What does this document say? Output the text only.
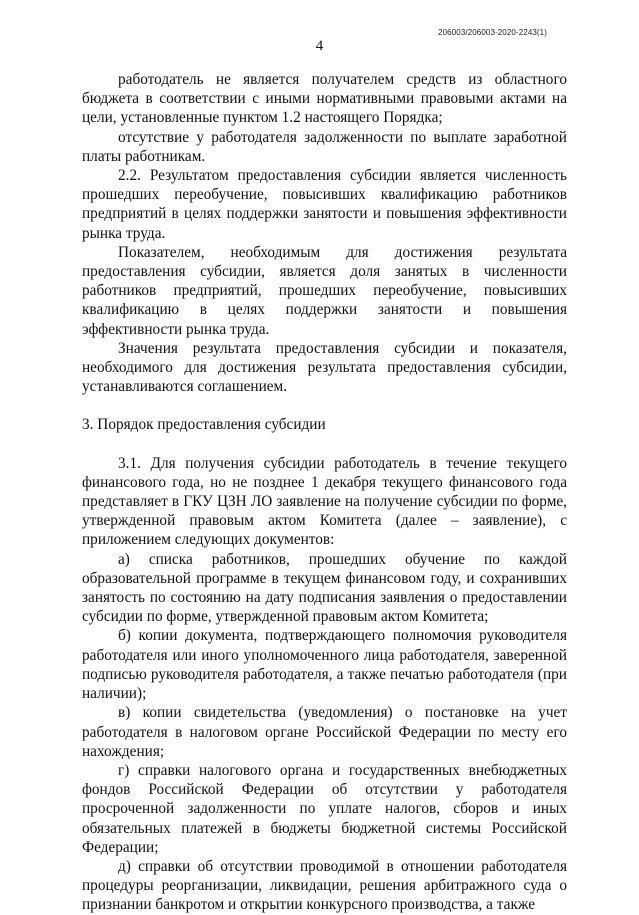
206003/206003-2020-2243(1)
4

работодатель не является получателем средств из областного бюджета в соответствии с иными нормативными правовыми актами на цели, установленные пунктом 1.2 настоящего Порядка;

отсутствие у работодателя задолженности по выплате заработной платы работникам.

2.2. Результатом предоставления субсидии является численность прошедших переобучение, повысивших квалификацию работников предприятий в целях поддержки занятости и повышения эффективности рынка труда.

Показателем, необходимым для достижения результата предоставления субсидии, является доля занятых в численности работников предприятий, прошедших переобучение, повысивших квалификацию в целях поддержки занятости и повышения эффективности рынка труда.

Значения результата предоставления субсидии и показателя, необходимого для достижения результата предоставления субсидии, устанавливаются соглашением.

3. Порядок предоставления субсидии

3.1. Для получения субсидии работодатель в течение текущего финансового года, но не позднее 1 декабря текущего финансового года представляет в ГКУ ЦЗН ЛО заявление на получение субсидии по форме, утвержденной правовым актом Комитета (далее – заявление), с приложением следующих документов:

а) списка работников, прошедших обучение по каждой образовательной программе в текущем финансовом году, и сохранивших занятость по состоянию на дату подписания заявления о предоставлении субсидии по форме, утвержденной правовым актом Комитета;

б) копии документа, подтверждающего полномочия руководителя работодателя или иного уполномоченного лица работодателя, заверенной подписью руководителя работодателя, а также печатью работодателя (при наличии);

в) копии свидетельства (уведомления) о постановке на учет работодателя в налоговом органе Российской Федерации по месту его нахождения;

г) справки налогового органа и государственных внебюджетных фондов Российской Федерации об отсутствии у работодателя просроченной задолженности по уплате налогов, сборов и иных обязательных платежей в бюджеты бюджетной системы Российской Федерации;

д) справки об отсутствии проводимой в отношении работодателя процедуры реорганизации, ликвидации, решения арбитражного суда о признании банкротом и открытии конкурсного производства, а также
